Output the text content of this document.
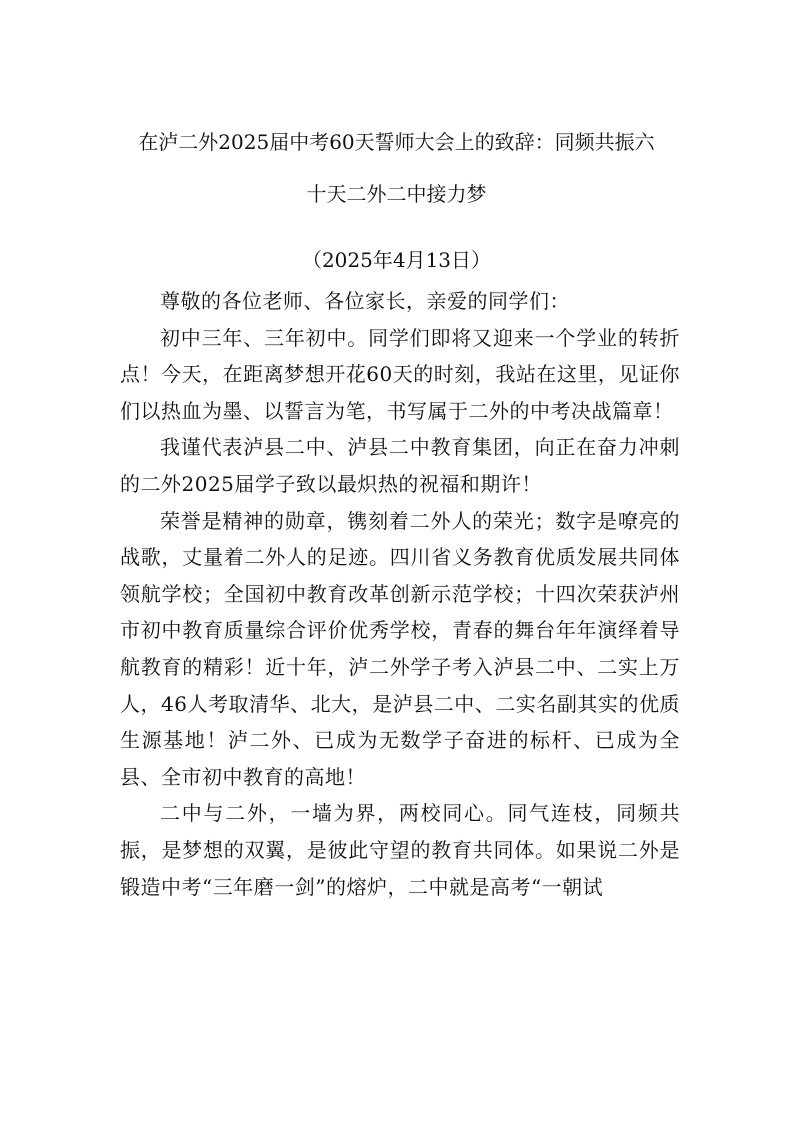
在泸二外2025届中考60天誓师大会上的致辞：同频共振六
十天二外二中接力梦

（2025年4月13日）

尊敬的各位老师、各位家长，亲爱的同学们：

初中三年、三年初中。同学们即将又迎来一个学业的转折点！今天，在距离梦想开花60天的时刻，我站在这里，见证你们以热血为墨、以誓言为笔，书写属于二外的中考决战篇章！

我谨代表泸县二中、泸县二中教育集团，向正在奋力冲刺的二外2025届学子致以最炽热的祝福和期许！

荣誉是精神的勋章，镌刻着二外人的荣光；数字是嘹亮的战歌，丈量着二外人的足迹。四川省义务教育优质发展共同体领航学校；全国初中教育改革创新示范学校；十四次荣获泸州市初中教育质量综合评价优秀学校，青春的舞台年年演绎着导航教育的精彩！近十年，泸二外学子考入泸县二中、二实上万人，46人考取清华、北大，是泸县二中、二实名副其实的优质生源基地！泸二外、已成为无数学子奋进的标杆、已成为全县、全市初中教育的高地！

二中与二外，一墙为界，两校同心。同气连枝，同频共振，是梦想的双翼，是彼此守望的教育共同体。如果说二外是锻造中考“三年磨一剑”的熔炉，二中就是高考“一朝试
